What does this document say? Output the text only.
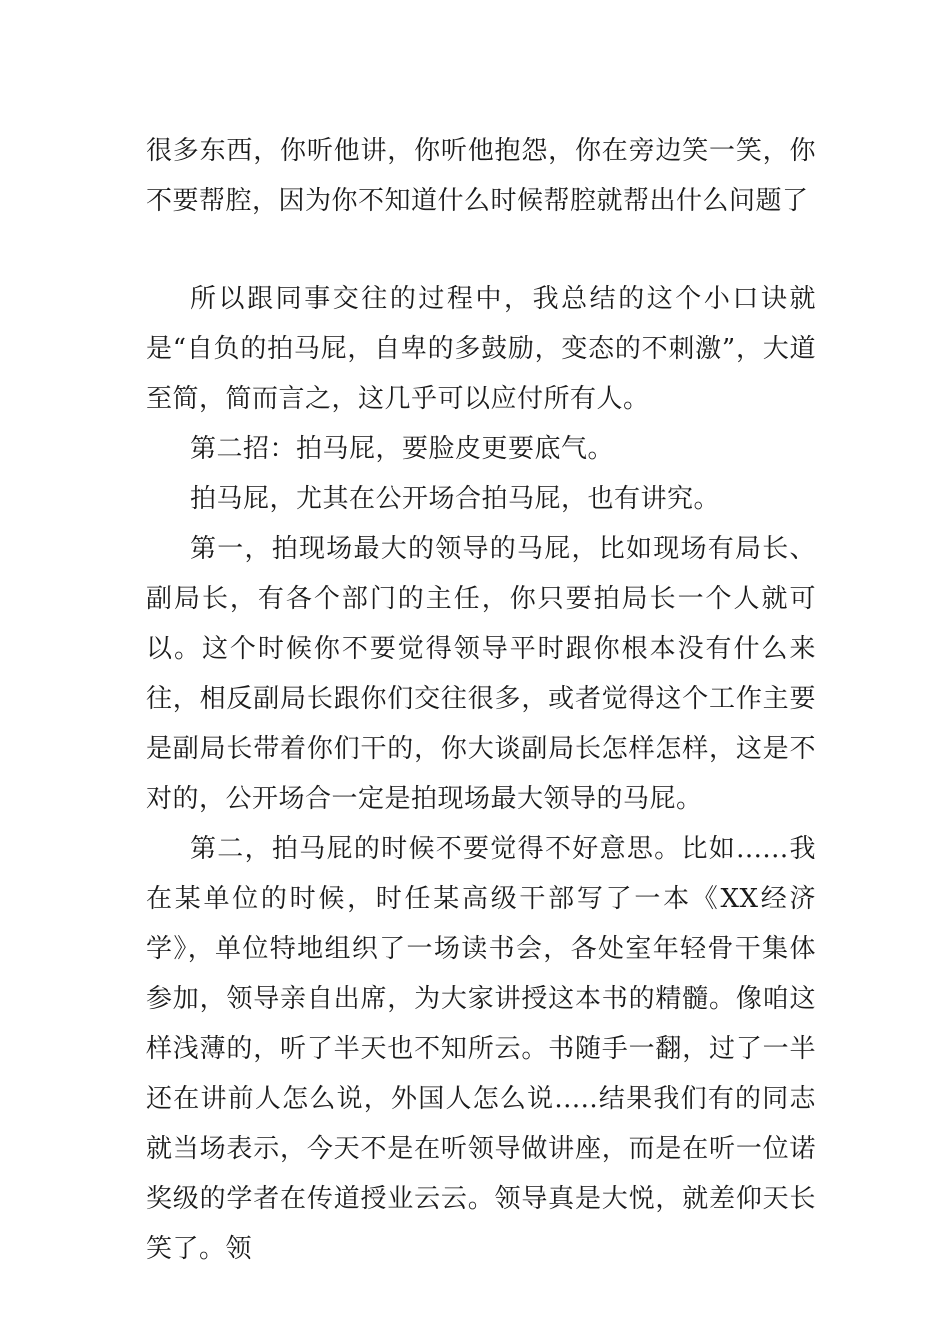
很多东西，你听他讲，你听他抱怨，你在旁边笑一笑，你不要帮腔，因为你不知道什么时候帮腔就帮出什么问题了

所以跟同事交往的过程中，我总结的这个小口诀就是“自负的拍马屁，自卑的多鼓励，变态的不刺激”，大道至简，简而言之，这几乎可以应付所有人。

第二招：拍马屁，要脸皮更要底气。

拍马屁，尤其在公开场合拍马屁，也有讲究。

第一，拍现场最大的领导的马屁，比如现场有局长、副局长，有各个部门的主任，你只要拍局长一个人就可以。这个时候你不要觉得领导平时跟你根本没有什么来往，相反副局长跟你们交往很多，或者觉得这个工作主要是副局长带着你们干的，你大谈副局长怎样怎样，这是不对的，公开场合一定是拍现场最大领导的马屁。

第二，拍马屁的时候不要觉得不好意思。比如......我在某单位的时候，时任某高级干部写了一本《XX经济学》，单位特地组织了一场读书会，各处室年轻骨干集体参加，领导亲自出席，为大家讲授这本书的精髓。像咱这样浅薄的，听了半天也不知所云。书随手一翻，过了一半还在讲前人怎么说，外国人怎么说.....结果我们有的同志就当场表示，今天不是在听领导做讲座，而是在听一位诺奖级的学者在传道授业云云。领导真是大悦，就差仰天长笑了。领
